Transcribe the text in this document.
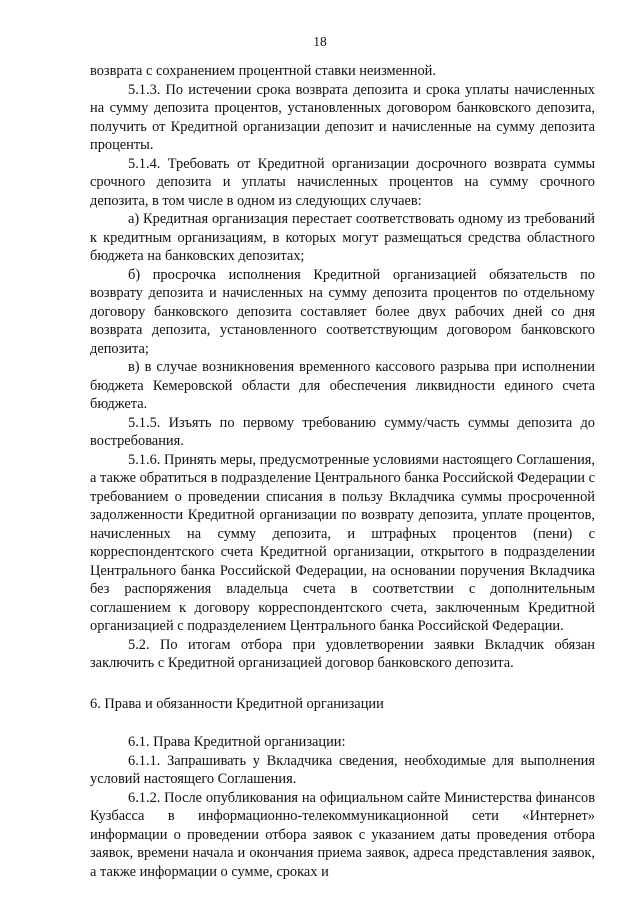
18

возврата с сохранением процентной ставки неизменной.

5.1.3. По истечении срока возврата депозита и срока уплаты начисленных на сумму депозита процентов, установленных договором банковского депозита, получить от Кредитной организации депозит и начисленные на сумму депозита проценты.

5.1.4. Требовать от Кредитной организации досрочного возврата суммы срочного депозита и уплаты начисленных процентов на сумму срочного депозита, в том числе в одном из следующих случаев:

а) Кредитная организация перестает соответствовать одному из требований к кредитным организациям, в которых могут размещаться средства областного бюджета на банковских депозитах;

б) просрочка исполнения Кредитной организацией обязательств по возврату депозита и начисленных на сумму депозита процентов по отдельному договору банковского депозита составляет более двух рабочих дней со дня возврата депозита, установленного соответствующим договором банковского депозита;

в) в случае возникновения временного кассового разрыва при исполнении бюджета Кемеровской области для обеспечения ликвидности единого счета бюджета.

5.1.5. Изъять по первому требованию сумму/часть суммы депозита до востребования.

5.1.6. Принять меры, предусмотренные условиями настоящего Соглашения, а также обратиться в подразделение Центрального банка Российской Федерации с требованием о проведении списания в пользу Вкладчика суммы просроченной задолженности Кредитной организации по возврату депозита, уплате процентов, начисленных на сумму депозита, и штрафных процентов (пени) с корреспондентского счета Кредитной организации, открытого в подразделении Центрального банка Российской Федерации, на основании поручения Вкладчика без распоряжения владельца счета в соответствии с дополнительным соглашением к договору корреспондентского счета, заключенным Кредитной организацией с подразделением Центрального банка Российской Федерации.

5.2. По итогам отбора при удовлетворении заявки Вкладчик обязан заключить с Кредитной организацией договор банковского депозита.

6. Права и обязанности Кредитной организации

6.1. Права Кредитной организации:

6.1.1. Запрашивать у Вкладчика сведения, необходимые для выполнения условий настоящего Соглашения.

6.1.2. После опубликования на официальном сайте Министерства финансов Кузбасса в информационно-телекоммуникационной сети «Интернет» информации о проведении отбора заявок с указанием даты проведения отбора заявок, времени начала и окончания приема заявок, адреса представления заявок, а также информации о сумме, сроках и
